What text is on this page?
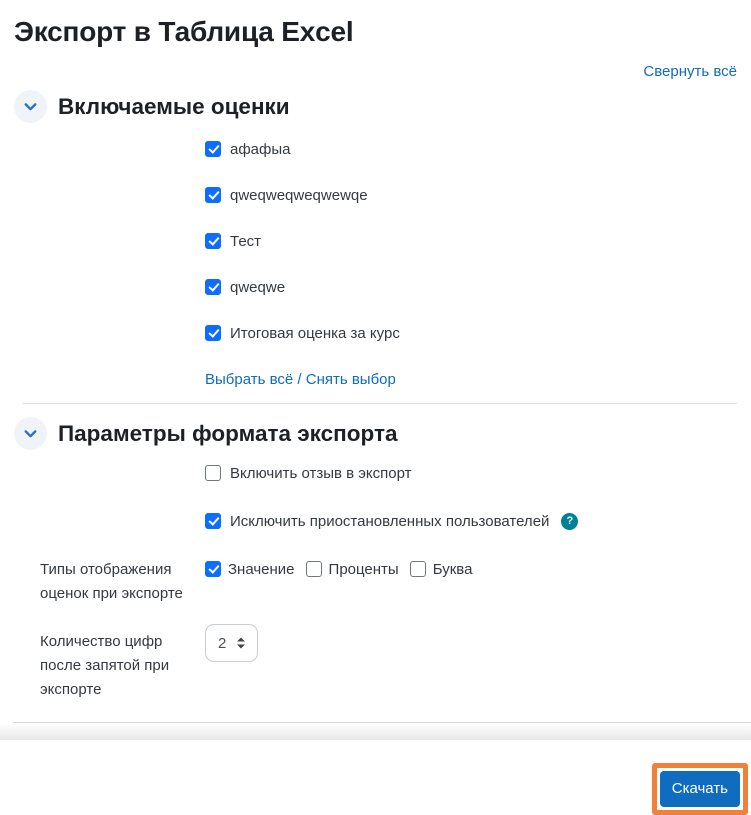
Экспорт в Таблица Excel
Свернуть всё
Включаемые оценки
афафыа
qweqweqweqwewqe
Тест
qweqwe
Итоговая оценка за курс
Выбрать всё / Снять выбор
Параметры формата экспорта
Включить отзыв в экспорт
Исключить приостановленных пользователей	?
Типы отображения оценок при экспорте
Значение Проценты Буква
Количество цифр после запятой при экспорте
2
Скачать
